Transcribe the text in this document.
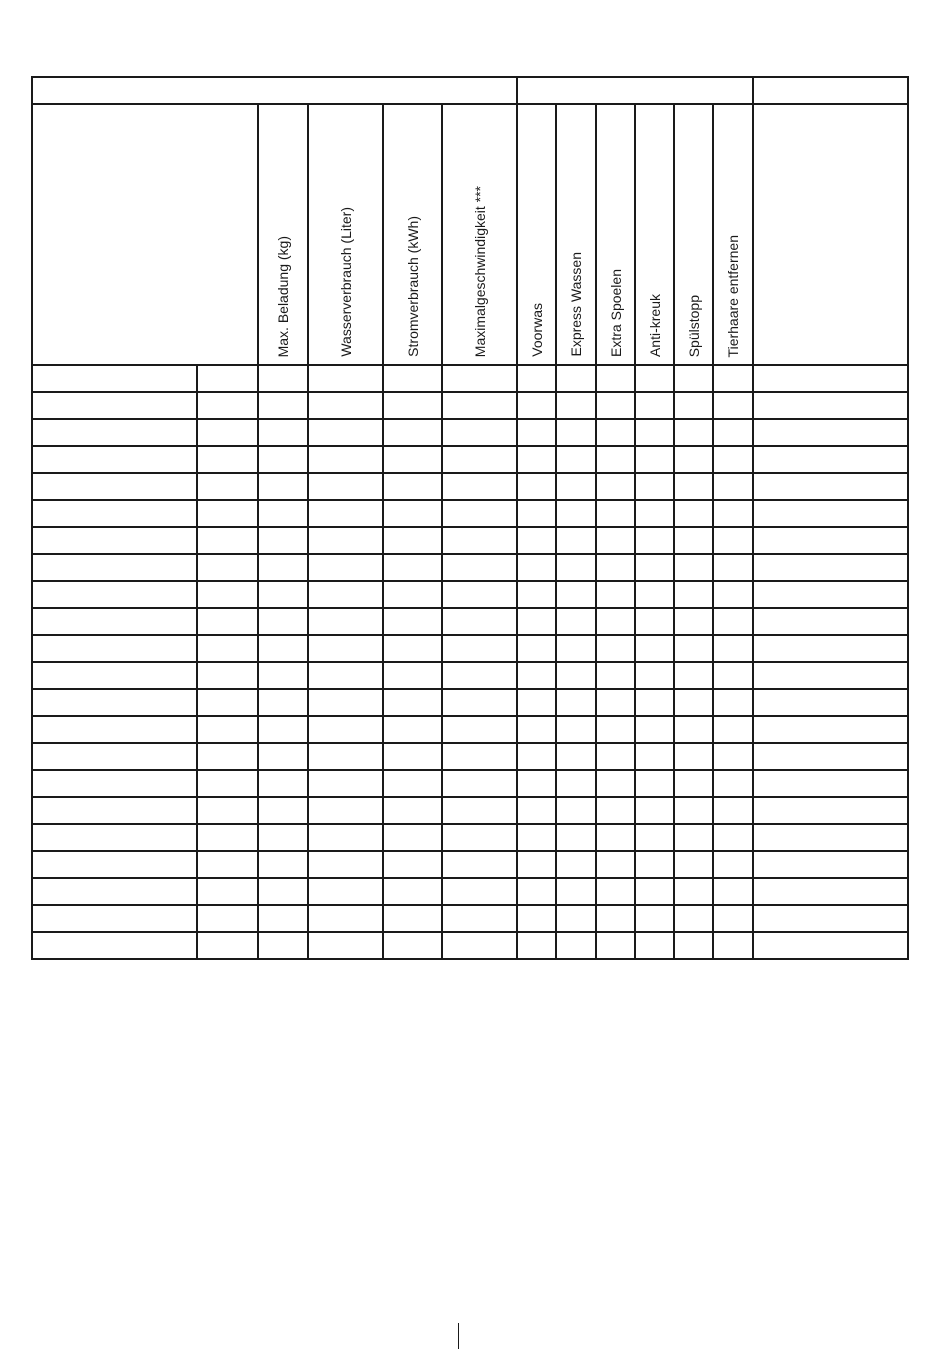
		Max. Beladung (kg)	Wasserverbrauch (Liter)	Stromverbrauch (kWh)	Maximalgeschwindigkeit ***	Voorwas	Express Wassen	Extra Spoelen	Anti-kreuk	Spülstopp	Tierhaare entfernen	
